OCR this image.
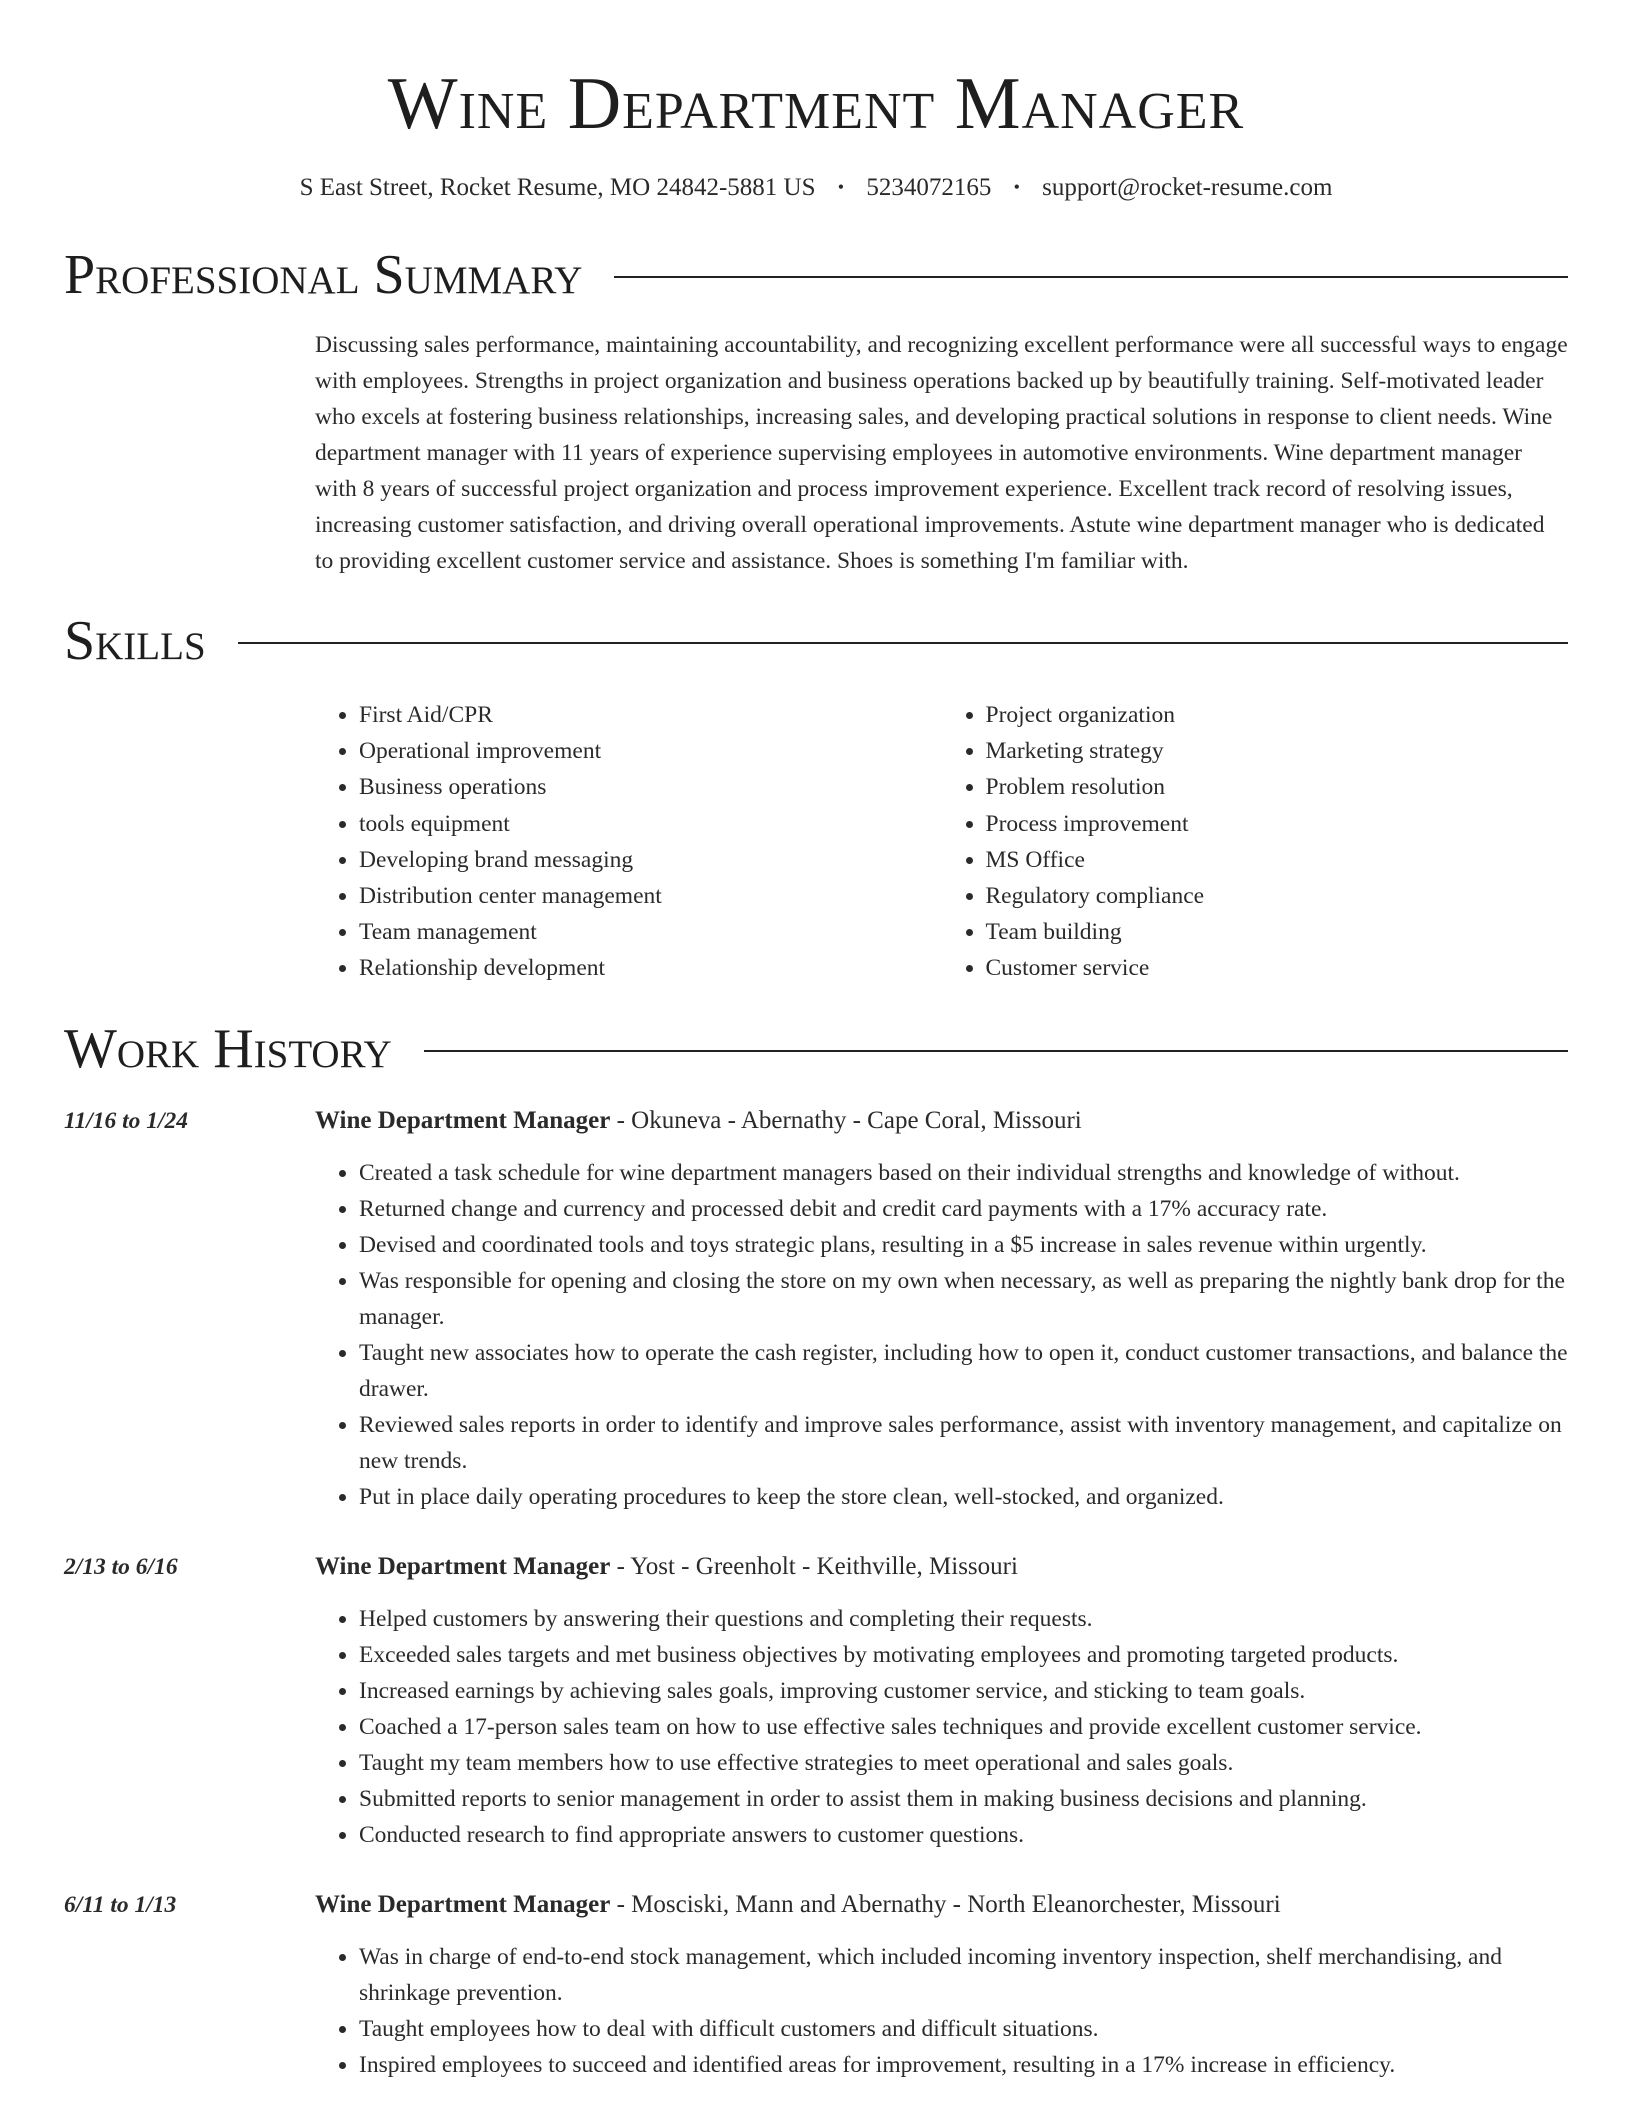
Wine Department Manager
S East Street, Rocket Resume, MO 24842-5881 US • 5234072165 • support@rocket-resume.com
Professional Summary
Discussing sales performance, maintaining accountability, and recognizing excellent performance were all successful ways to engage with employees. Strengths in project organization and business operations backed up by beautifully training. Self-motivated leader who excels at fostering business relationships, increasing sales, and developing practical solutions in response to client needs. Wine department manager with 11 years of experience supervising employees in automotive environments. Wine department manager with 8 years of successful project organization and process improvement experience. Excellent track record of resolving issues, increasing customer satisfaction, and driving overall operational improvements. Astute wine department manager who is dedicated to providing excellent customer service and assistance. Shoes is something I'm familiar with.
Skills
• First Aid/CPR
• Operational improvement
• Business operations
• tools equipment
• Developing brand messaging
• Distribution center management
• Team management
• Relationship development
• Project organization
• Marketing strategy
• Problem resolution
• Process improvement
• MS Office
• Regulatory compliance
• Team building
• Customer service
Work History
11/16 to 1/24	Wine Department Manager - Okuneva - Abernathy - Cape Coral, Missouri
• Created a task schedule for wine department managers based on their individual strengths and knowledge of without.
• Returned change and currency and processed debit and credit card payments with a 17% accuracy rate.
• Devised and coordinated tools and toys strategic plans, resulting in a $5 increase in sales revenue within urgently.
• Was responsible for opening and closing the store on my own when necessary, as well as preparing the nightly bank drop for the manager.
• Taught new associates how to operate the cash register, including how to open it, conduct customer transactions, and balance the drawer.
• Reviewed sales reports in order to identify and improve sales performance, assist with inventory management, and capitalize on new trends.
• Put in place daily operating procedures to keep the store clean, well-stocked, and organized.
2/13 to 6/16	Wine Department Manager - Yost - Greenholt - Keithville, Missouri
• Helped customers by answering their questions and completing their requests.
• Exceeded sales targets and met business objectives by motivating employees and promoting targeted products.
• Increased earnings by achieving sales goals, improving customer service, and sticking to team goals.
• Coached a 17-person sales team on how to use effective sales techniques and provide excellent customer service.
• Taught my team members how to use effective strategies to meet operational and sales goals.
• Submitted reports to senior management in order to assist them in making business decisions and planning.
• Conducted research to find appropriate answers to customer questions.
6/11 to 1/13	Wine Department Manager - Mosciski, Mann and Abernathy - North Eleanorchester, Missouri
• Was in charge of end-to-end stock management, which included incoming inventory inspection, shelf merchandising, and shrinkage prevention.
• Taught employees how to deal with difficult customers and difficult situations.
• Inspired employees to succeed and identified areas for improvement, resulting in a 17% increase in efficiency.
